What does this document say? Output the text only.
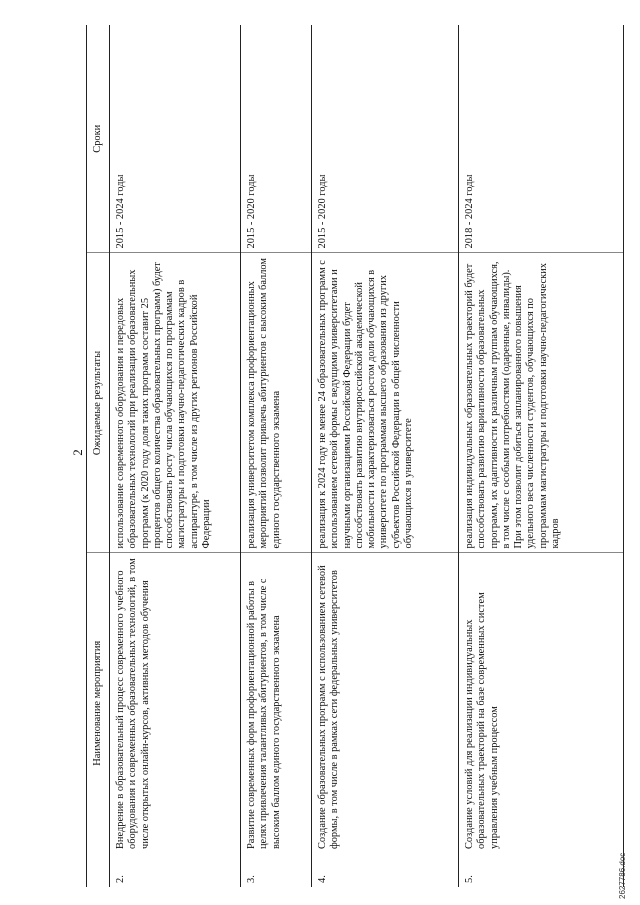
2
	Наименование мероприятия	Ожидаемые результаты	Сроки
2.	Внедрение в образовательный процесс современного учебного оборудования и современных образовательных технологий, в том числе открытых онлайн-курсов, активных методов обучения	использование современного оборудования и передовых образовательных технологий при реализации образовательных программ (к 2020 году доля таких программ составит 25 процентов общего количества образовательных программ) будет способствовать росту числа обучающихся по программам магистратуры и подготовки научно-педагогических кадров в аспирантуре, в том числе из других регионов Российской Федерации	2015 - 2024 годы
3.	Развитие современных форм профориентационной работы в целях привлечения талантливых абитуриентов, в том числе с высоким баллом единого государственного экзамена	реализация университетом комплекса профориентационных мероприятий позволит привлечь абитуриентов с высоким баллом единого государственного экзамена	2015 - 2020 годы
4.	Создание образовательных программ с использованием сетевой формы, в том числе в рамках сети федеральных университетов	реализация к 2024 году не менее 24 образовательных программ с использованием сетевой формы с ведущими университетами и научными организациями Российской Федерации будет способствовать развитию внутрироссийской академической мобильности и характеризоваться ростом доли обучающихся в университете по программам высшего образования из других субъектов Российской Федерации в общей численности обучающихся в университете	2015 - 2020 годы
5.	Создание условий для реализации индивидуальных образовательных траекторий на базе современных систем управления учебным процессом	реализация индивидуальных образовательных траекторий будет способствовать развитию вариативности образовательных программ, их адаптивности к различным группам обучающихся, в том числе с особыми потребностями (одаренные, инвалиды). При этом позволит добиться запланированного повышения удельного веса численности студентов, обучающихся по программам магистратуры и подготовки научно-педагогических кадров	2018 - 2024 годы
2627786.doc
